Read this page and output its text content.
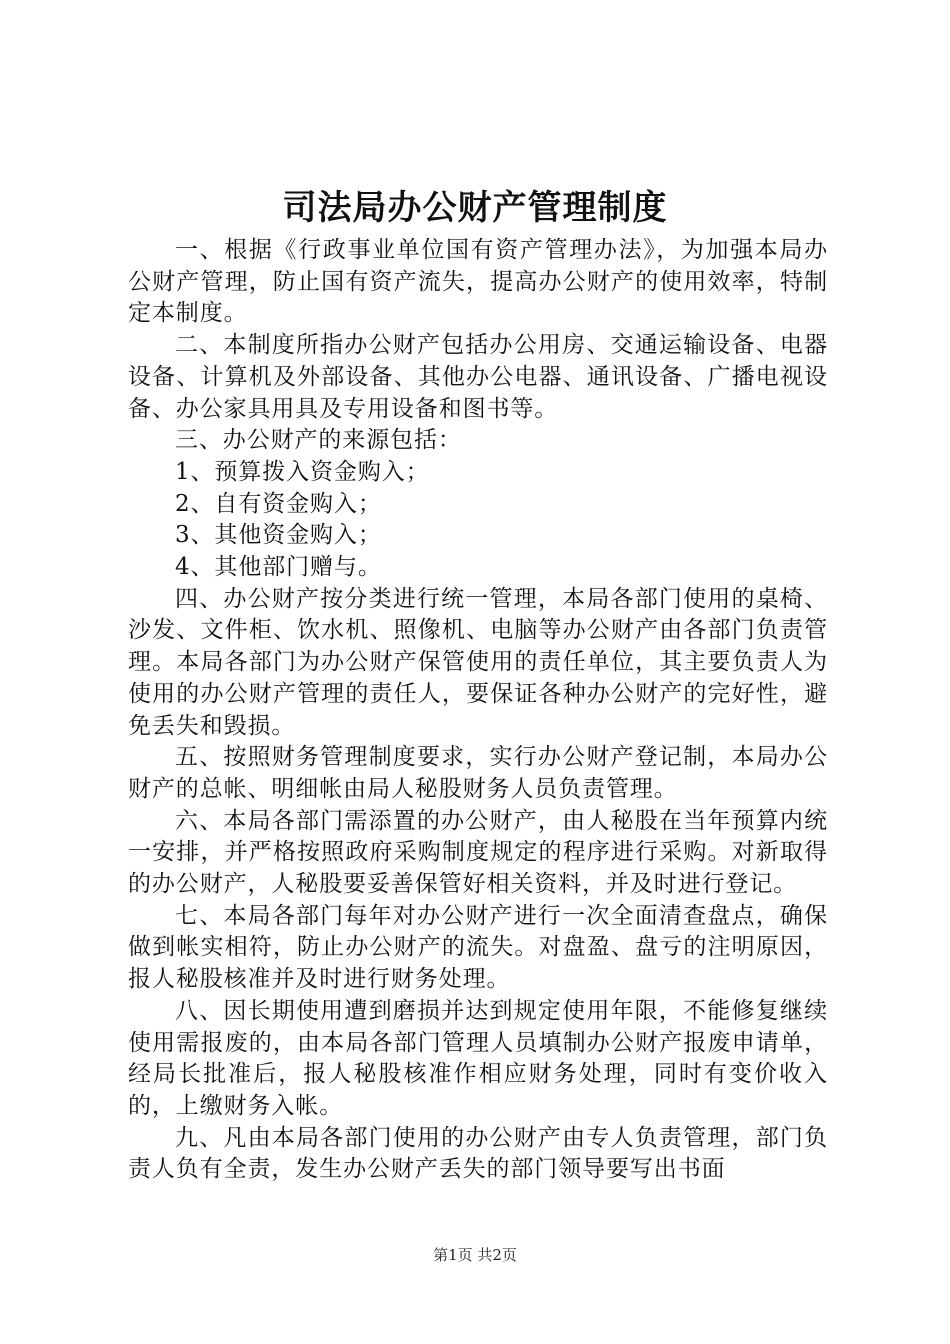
司法局办公财产管理制度

一、根据《行政事业单位国有资产管理办法》，为加强本局办公财产管理，防止国有资产流失，提高办公财产的使用效率，特制定本制度。

二、本制度所指办公财产包括办公用房、交通运输设备、电器设备、计算机及外部设备、其他办公电器、通讯设备、广播电视设备、办公家具用具及专用设备和图书等。

三、办公财产的来源包括：

1、预算拨入资金购入；

2、自有资金购入；

3、其他资金购入；

4、其他部门赠与。

四、办公财产按分类进行统一管理，本局各部门使用的桌椅、沙发、文件柜、饮水机、照像机、电脑等办公财产由各部门负责管理。本局各部门为办公财产保管使用的责任单位，其主要负责人为使用的办公财产管理的责任人，要保证各种办公财产的完好性，避免丢失和毁损。

五、按照财务管理制度要求，实行办公财产登记制，本局办公财产的总帐、明细帐由局人秘股财务人员负责管理。

六、本局各部门需添置的办公财产，由人秘股在当年预算内统一安排，并严格按照政府采购制度规定的程序进行采购。对新取得的办公财产，人秘股要妥善保管好相关资料，并及时进行登记。

七、本局各部门每年对办公财产进行一次全面清查盘点，确保做到帐实相符，防止办公财产的流失。对盘盈、盘亏的注明原因，报人秘股核准并及时进行财务处理。

八、因长期使用遭到磨损并达到规定使用年限，不能修复继续使用需报废的，由本局各部门管理人员填制办公财产报废申请单，经局长批准后，报人秘股核准作相应财务处理，同时有变价收入的，上缴财务入帐。

九、凡由本局各部门使用的办公财产由专人负责管理，部门负责人负有全责，发生办公财产丢失的部门领导要写出书面

第1页 共2页
